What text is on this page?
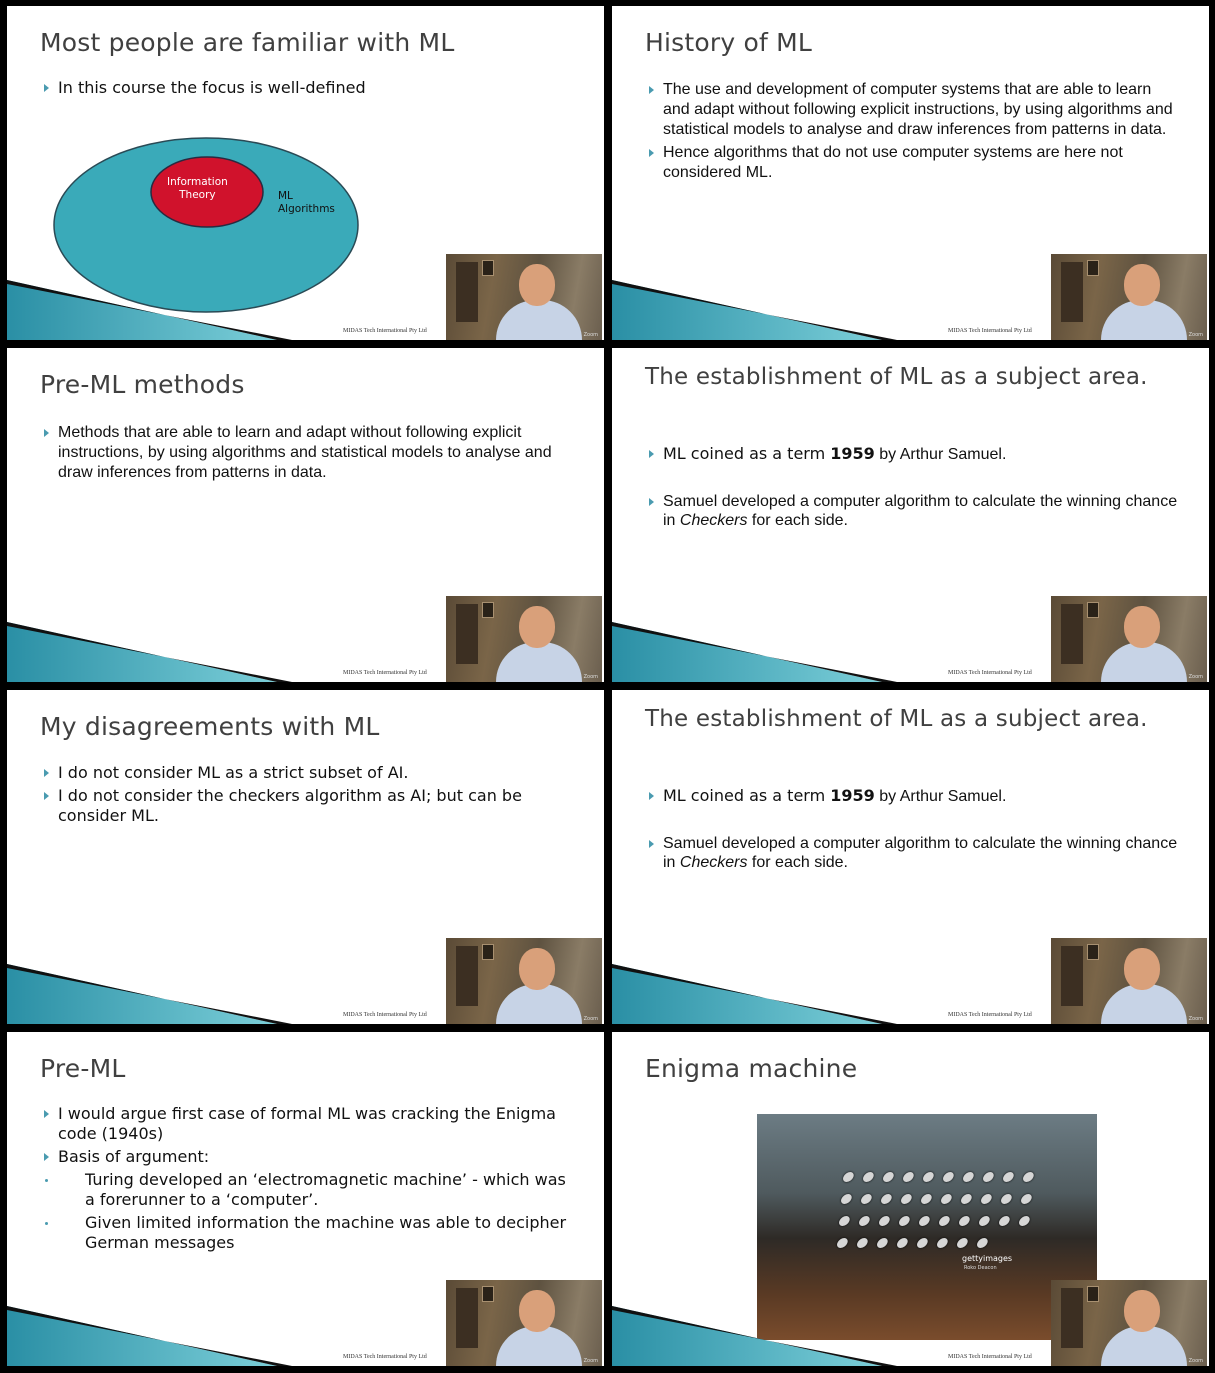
Most people are familiar with ML
In this course the focus is well-defined
Information
Theory	ML
Algorithms
MIDAS Tech International Pty Ltd
Zoom
History of ML
The use and development of computer systems that are able to learn and adapt without following explicit instructions, by using algorithms and statistical models to analyse and draw inferences from patterns in data.
Hence algorithms that do not use computer systems are here not considered ML.
MIDAS Tech International Pty Ltd
Zoom
Pre-ML methods
Methods that are able to learn and adapt without following explicit instructions, by using algorithms and statistical models to analyse and draw inferences from patterns in data.
MIDAS Tech International Pty Ltd
Zoom
The establishment of ML as a subject area.
ML coined as a term 1959 by Arthur Samuel.
Samuel developed a computer algorithm to calculate the winning chance in Checkers for each side.
MIDAS Tech International Pty Ltd
Zoom
My disagreements with ML
I do not consider ML as a strict subset of AI.
I do not consider the checkers algorithm as AI; but can be consider ML.
MIDAS Tech International Pty Ltd
Zoom
The establishment of ML as a subject area.
ML coined as a term 1959 by Arthur Samuel.
Samuel developed a computer algorithm to calculate the winning chance in Checkers for each side.
MIDAS Tech International Pty Ltd
Zoom
Pre-ML
I would argue first case of formal ML was cracking the Enigma code (1940s)
Basis of argument:
Turing developed an ‘electromagnetic machine’ - which was a forerunner to a ‘computer’.
Given limited information the machine was able to decipher German messages
MIDAS Tech International Pty Ltd
Zoom
Enigma machine
gettyimages
Roko Deacon
MIDAS Tech International Pty Ltd
Zoom
